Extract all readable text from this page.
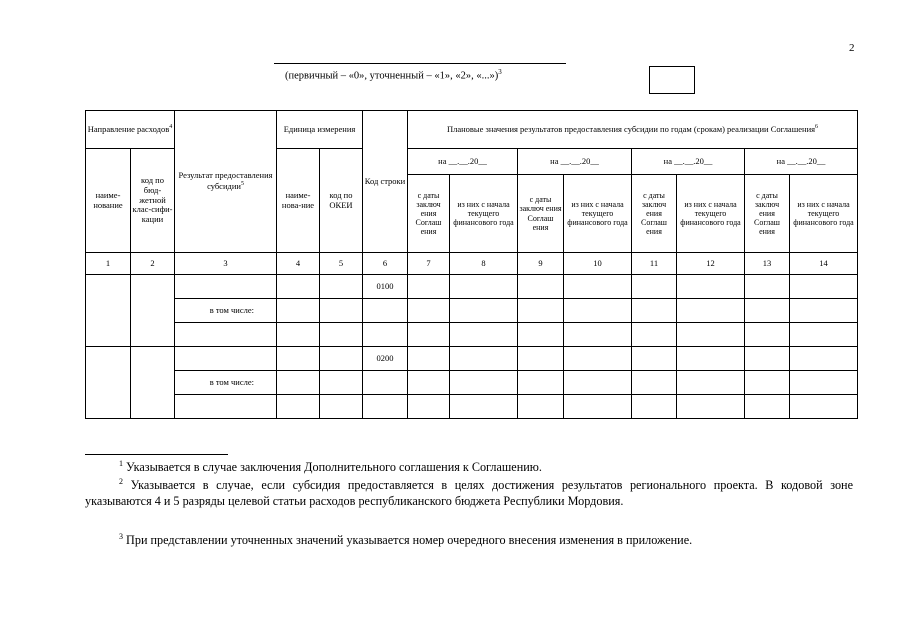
2
(первичный – «0», уточненный – «1», «2», «...»)$^3$
Направление расходов$^4$		Результат предоставления субсидии$^5$	Единица измерения		Код строки	Плановые значения результатов предоставления субсидии по годам (срокам) реализации Соглашения$^6$
наиме-нование	код по бюд-жетной клас-сифи-кации		наиме-нова-ние	код по ОКЕИ		на __.__.20__		на __.__.20__		на __.__.20__		на __.__.20__	
						с даты заключ ения Соглаш ения	из них с начала текущего финансового года	с даты заключ ения Соглаш ения	из них с начала текущего финансового года	с даты заключ ения Соглаш ения	из них с начала текущего финансового года	с даты заключ ения Соглаш ения	из них с начала текущего финансового года
1	2	3	4	5	6	7	8	9	10	11	12	13	14
					0100								
		в том числе:											

					0200								
		в том числе:											

$^1$ Указывается в случае заключения Дополнительного соглашения к Соглашению.
$^2$ Указывается в случае, если субсидия предоставляется в целях достижения результатов регионального проекта. В кодовой зоне указываются 4 и 5 разряды целевой статьи расходов республиканского бюджета Республики Мордовия.
$^3$ При представлении уточненных значений указывается номер очередного внесения изменения в приложение.
